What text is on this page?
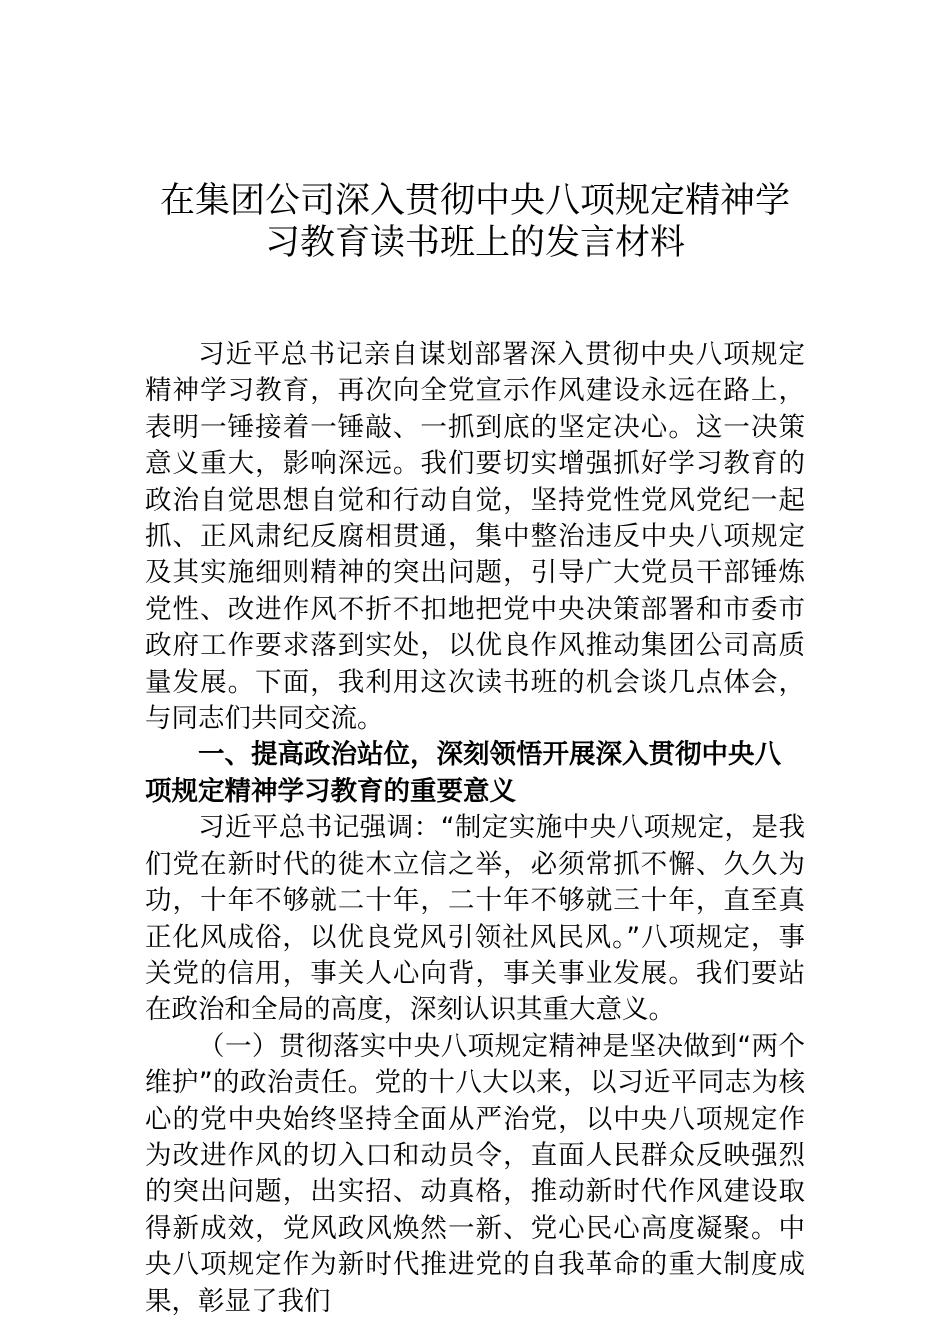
在集团公司深入贯彻中央八项规定精神学
习教育读书班上的发言材料

习近平总书记亲自谋划部署深入贯彻中央八项规定精神学习教育，再次向全党宣示作风建设永远在路上，表明一锤接着一锤敲、一抓到底的坚定决心。这一决策意义重大，影响深远。我们要切实增强抓好学习教育的政治自觉思想自觉和行动自觉，坚持党性党风党纪一起抓、正风肃纪反腐相贯通，集中整治违反中央八项规定及其实施细则精神的突出问题，引导广大党员干部锤炼党性、改进作风不折不扣地把党中央决策部署和市委市政府工作要求落到实处，以优良作风推动集团公司高质量发展。下面，我利用这次读书班的机会谈几点体会，与同志们共同交流。

一、提高政治站位，深刻领悟开展深入贯彻中央八项规定精神学习教育的重要意义

习近平总书记强调：“制定实施中央八项规定，是我们党在新时代的徙木立信之举，必须常抓不懈、久久为功，十年不够就二十年，二十年不够就三十年，直至真正化风成俗，以优良党风引领社风民风。”八项规定，事关党的信用，事关人心向背，事关事业发展。我们要站在政治和全局的高度，深刻认识其重大意义。

（一）贯彻落实中央八项规定精神是坚决做到“两个维护”的政治责任。党的十八大以来，以习近平同志为核心的党中央始终坚持全面从严治党，以中央八项规定作为改进作风的切入口和动员令，直面人民群众反映强烈的突出问题，出实招、动真格，推动新时代作风建设取得新成效，党风政风焕然一新、党心民心高度凝聚。中央八项规定作为新时代推进党的自我革命的重大制度成果，彰显了我们
